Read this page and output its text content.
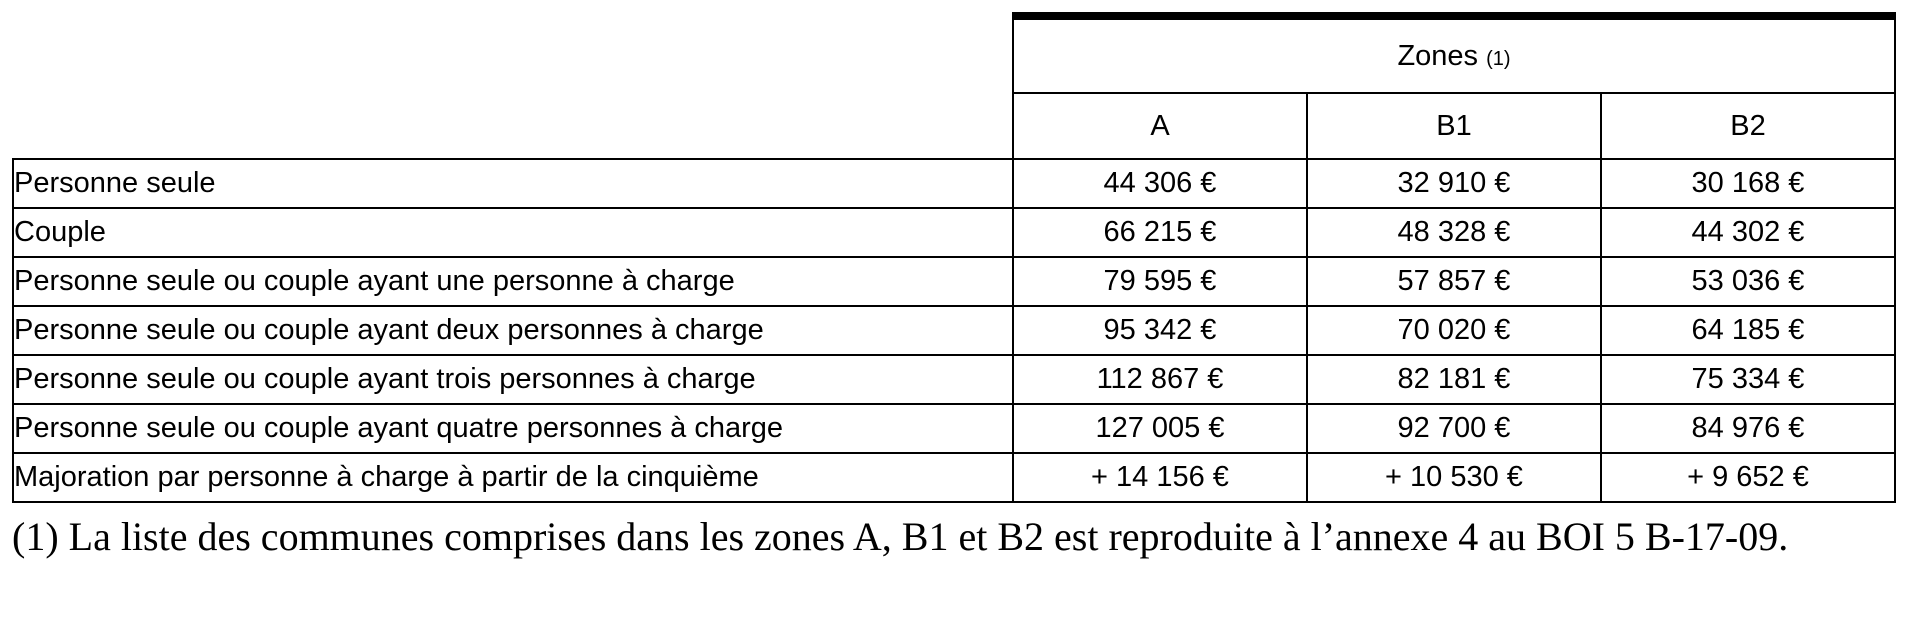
	Zones (1)		
	A	B1	B2
Personne seule	44 306 €	32 910 €	30 168 €
Couple	66 215 €	48 328 €	44 302 €
Personne seule ou couple ayant une personne à charge	79 595 €	57 857 €	53 036 €
Personne seule ou couple ayant deux personnes à charge	95 342 €	70 020 €	64 185 €
Personne seule ou couple ayant trois personnes à charge	112 867 €	82 181 €	75 334 €
Personne seule ou couple ayant quatre personnes à charge	127 005 €	92 700 €	84 976 €
Majoration par personne à charge à partir de la cinquième	+ 14 156 €	+ 10 530 €	+ 9 652 €
(1) La liste des communes comprises dans les zones A, B1 et B2 est reproduite à l’annexe 4 au BOI 5 B-17-09.
